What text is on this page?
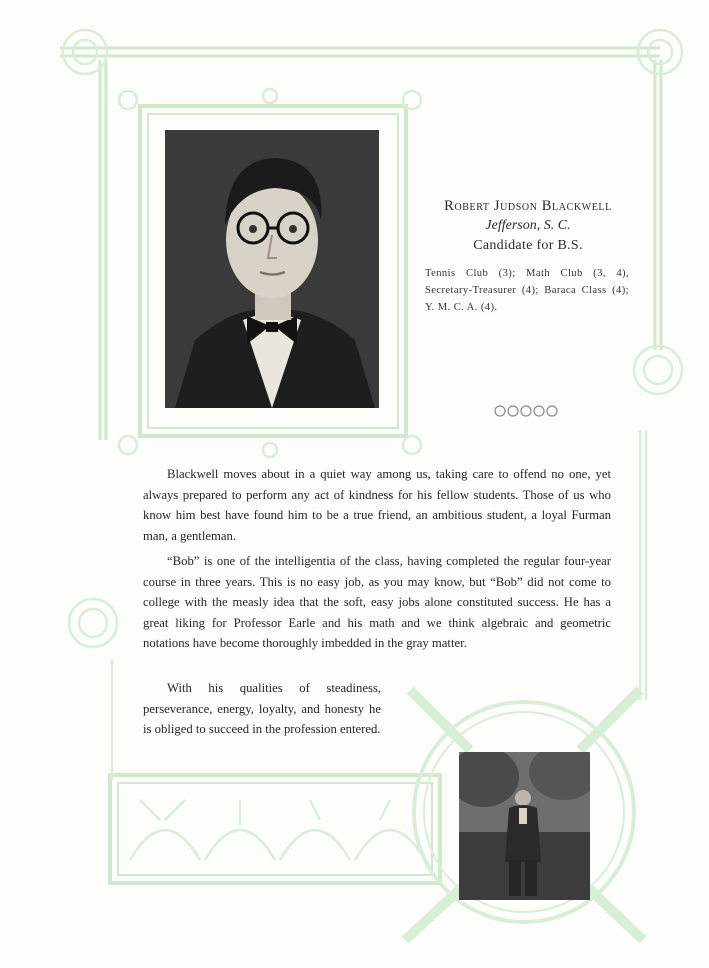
Robert Judson Blackwell

Jefferson, S. C.
Candidate for B.S.
Tennis Club (3); Math Club (3, 4), Secretary-Treasurer (4); Baraca Class (4); Y. M. C. A. (4).
Blackwell moves about in a quiet way among us, taking care to offend no one, yet always prepared to perform any act of kindness for his fellow students. Those of us who know him best have found him to be a true friend, an ambitious student, a loyal Furman man, a gentleman.
“Bob” is one of the intelligentia of the class, having completed the regular four-year course in three years. This is no easy job, as you may know, but “Bob” did not come to college with the measly idea that the soft, easy jobs alone constituted success. He has a great liking for Professor Earle and his math and we think algebraic and geometric notations have become thoroughly imbedded in the gray matter.
With his qualities of steadiness, perseverance, energy, loyalty, and honesty he is obliged to succeed in the profession entered.
